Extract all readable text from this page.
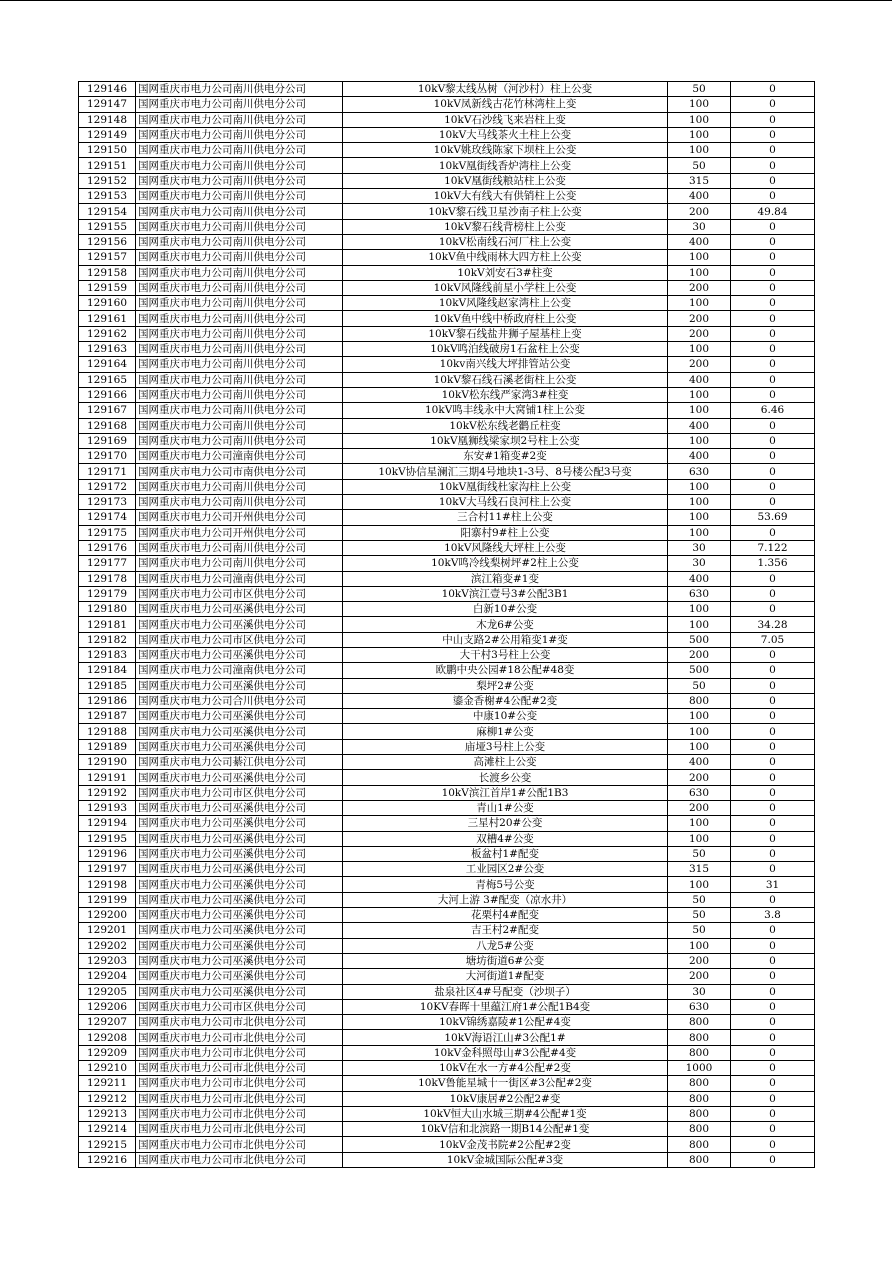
129146	国网重庆市电力公司南川供电分公司	10kV黎太线丛树（河沙村）柱上公变	50	0
129147	国网重庆市电力公司南川供电分公司	10kV凤新线古花竹林湾柱上变	100	0
129148	国网重庆市电力公司南川供电分公司	10kV石沙线飞来岩柱上变	100	0
129149	国网重庆市电力公司南川供电分公司	10kV大马线茶火土柱上公变	100	0
129150	国网重庆市电力公司南川供电分公司	10kV姚玫线陈家下坝柱上公变	100	0
129151	国网重庆市电力公司南川供电分公司	10kV凰街线香炉湾柱上公变	50	0
129152	国网重庆市电力公司南川供电分公司	10kV凰街线粮站柱上公变	315	0
129153	国网重庆市电力公司南川供电分公司	10kV大有线大有供销柱上公变	400	0
129154	国网重庆市电力公司南川供电分公司	10kV黎石线卫星沙南子柱上公变	200	49.84
129155	国网重庆市电力公司南川供电分公司	10kV黎石线背榜柱上公变	30	0
129156	国网重庆市电力公司南川供电分公司	10kV松南线石河厂柱上公变	400	0
129157	国网重庆市电力公司南川供电分公司	10kV鱼中线雨林大四方柱上公变	100	0
129158	国网重庆市电力公司南川供电分公司	10kV刘安石3#柱变	100	0
129159	国网重庆市电力公司南川供电分公司	10kV风隆线前星小学柱上公变	200	0
129160	国网重庆市电力公司南川供电分公司	10kV风隆线赵家湾柱上公变	100	0
129161	国网重庆市电力公司南川供电分公司	10kV鱼中线中桥政府柱上公变	200	0
129162	国网重庆市电力公司南川供电分公司	10kV黎石线盐井狮子屋基柱上变	200	0
129163	国网重庆市电力公司南川供电分公司	10kV鸣泊线破房1石盆柱上公变	100	0
129164	国网重庆市电力公司南川供电分公司	10kv南兴线大坪排管站公变	200	0
129165	国网重庆市电力公司南川供电分公司	10kV黎石线石溪老街柱上公变	400	0
129166	国网重庆市电力公司南川供电分公司	10kV松东线严家湾3#柱变	100	0
129167	国网重庆市电力公司南川供电分公司	10kV鸣丰线永中大窝铺1柱上公变	100	6.46
129168	国网重庆市电力公司南川供电分公司	10kV松东线老鹳丘柱变	400	0
129169	国网重庆市电力公司南川供电分公司	10kV凰狮线梁家坝2号柱上公变	100	0
129170	国网重庆市电力公司潼南供电分公司	东安#1箱变#2变	400	0
129171	国网重庆市电力公司市南供电分公司	10kV协信星澜汇三期4号地块1-3号、8号楼公配3号变	630	0
129172	国网重庆市电力公司南川供电分公司	10kV凰街线杜家沟柱上公变	100	0
129173	国网重庆市电力公司南川供电分公司	10kV大马线石良河柱上公变	100	0
129174	国网重庆市电力公司开州供电分公司	三合村11#柱上公变	100	53.69
129175	国网重庆市电力公司开州供电分公司	阳寨村9#柱上公变	100	0
129176	国网重庆市电力公司南川供电分公司	10kV风隆线大坪柱上公变	30	7.122
129177	国网重庆市电力公司南川供电分公司	10kV鸣冷线梨树坪#2柱上公变	30	1.356
129178	国网重庆市电力公司潼南供电分公司	滨江箱变#1变	400	0
129179	国网重庆市电力公司市区供电分公司	10kV滨江壹号3#公配3B1	630	0
129180	国网重庆市电力公司巫溪供电分公司	白新10#公变	100	0
129181	国网重庆市电力公司巫溪供电分公司	木龙6#公变	100	34.28
129182	国网重庆市电力公司市区供电分公司	中山支路2#公用箱变1#变	500	7.05
129183	国网重庆市电力公司巫溪供电分公司	大干村3号柱上公变	200	0
129184	国网重庆市电力公司潼南供电分公司	欧鹏中央公园#18公配#48变	500	0
129185	国网重庆市电力公司巫溪供电分公司	梨坪2#公变	50	0
129186	国网重庆市电力公司合川供电分公司	鎏金香榭#4公配#2变	800	0
129187	国网重庆市电力公司巫溪供电分公司	中康10#公变	100	0
129188	国网重庆市电力公司巫溪供电分公司	麻柳1#公变	100	0
129189	国网重庆市电力公司巫溪供电分公司	庙垭3号柱上公变	100	0
129190	国网重庆市电力公司綦江供电分公司	高滩柱上公变	400	0
129191	国网重庆市电力公司巫溪供电分公司	长渡乡公变	200	0
129192	国网重庆市电力公司市区供电分公司	10kV滨江首岸1#公配1B3	630	0
129193	国网重庆市电力公司巫溪供电分公司	青山1#公变	200	0
129194	国网重庆市电力公司巫溪供电分公司	三星村20#公变	100	0
129195	国网重庆市电力公司巫溪供电分公司	双槽4#公变	100	0
129196	国网重庆市电力公司巫溪供电分公司	板盆村1#配变	50	0
129197	国网重庆市电力公司巫溪供电分公司	工业园区2#公变	315	0
129198	国网重庆市电力公司巫溪供电分公司	青梅5号公变	100	31
129199	国网重庆市电力公司巫溪供电分公司	大河上游 3#配变（凉水井）	50	0
129200	国网重庆市电力公司巫溪供电分公司	花栗村4#配变	50	3.8
129201	国网重庆市电力公司巫溪供电分公司	吉王村2#配变	50	0
129202	国网重庆市电力公司巫溪供电分公司	八龙5#公变	100	0
129203	国网重庆市电力公司巫溪供电分公司	塘坊街道6#公变	200	0
129204	国网重庆市电力公司巫溪供电分公司	大河街道1#配变	200	0
129205	国网重庆市电力公司巫溪供电分公司	盐泉社区4#号配变（沙坝子）	30	0
129206	国网重庆市电力公司市区供电分公司	10KV春晖十里蕴江府1#公配1B4变	630	0
129207	国网重庆市电力公司市北供电分公司	10kV锦绣嘉陵#1公配#4变	800	0
129208	国网重庆市电力公司市北供电分公司	10kV海语江山#3公配1#	800	0
129209	国网重庆市电力公司市北供电分公司	10kV金科照母山#3公配#4变	800	0
129210	国网重庆市电力公司市北供电分公司	10kV在水一方#4公配#2变	1000	0
129211	国网重庆市电力公司市北供电分公司	10kV鲁能星城十一街区#3公配#2变	800	0
129212	国网重庆市电力公司市北供电分公司	10kV康居#2公配2#变	800	0
129213	国网重庆市电力公司市北供电分公司	10kV恒大山水城三期#4公配#1变	800	0
129214	国网重庆市电力公司市北供电分公司	10kV信和北滨路一期B14公配#1变	800	0
129215	国网重庆市电力公司市北供电分公司	10kV金茂书院#2公配#2变	800	0
129216	国网重庆市电力公司市北供电分公司	10kV金城国际公配#3变	800	0
